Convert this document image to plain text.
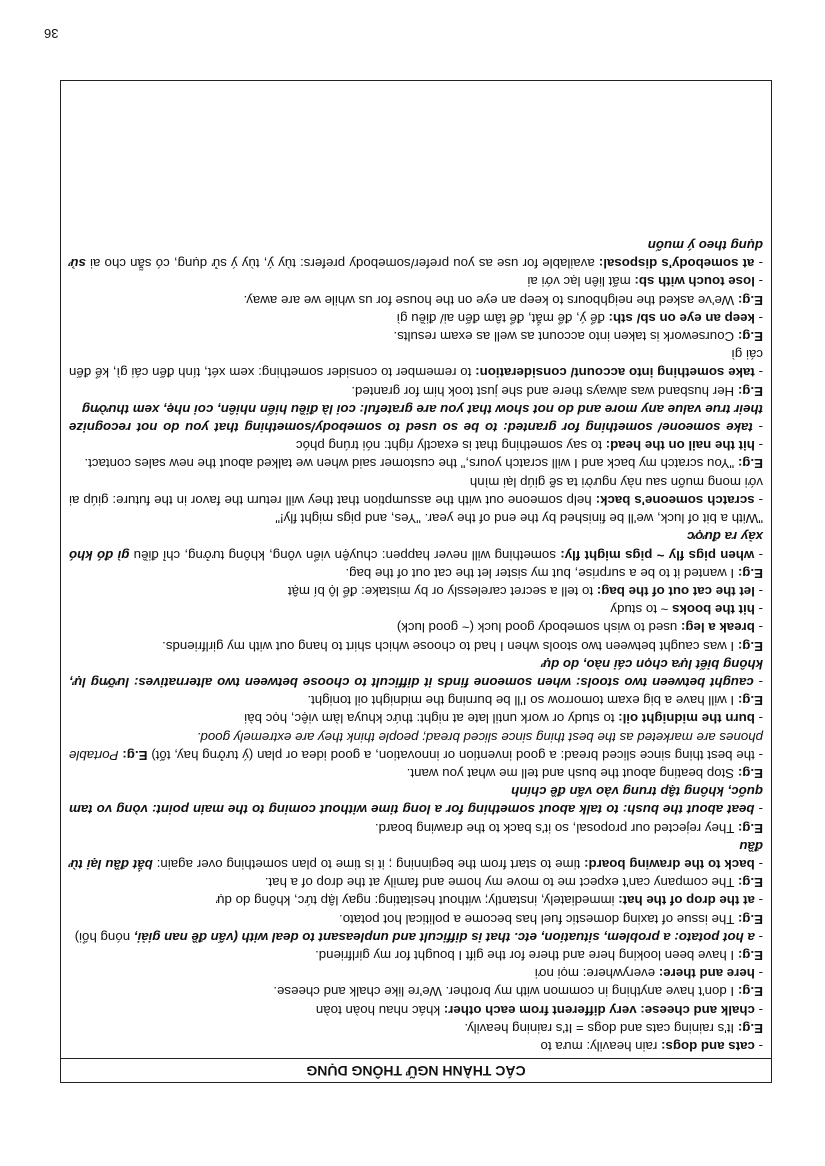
36
CÁC THÀNH NGỮ THÔNG DỤNG

- cats and dogs: rain heavily: mưa to

E.g: It's raining cats and dogs = It's raining heavily.

- chalk and cheese: very different from each other: khác nhau hoàn toàn

E.g: I don't have anything in common with my brother. We're like chalk and cheese.

- here and there: everywhere: mọi nơi

E.g: I have been looking here and there for the gift I bought for my girlfriend.

- a hot potato: a problem, situation, etc. that is difficult and unpleasant to deal with (vấn đề nan giải, nóng hổi)

E.g: The issue of taxing domestic fuel has become a political hot potato.

- at the drop of the hat: immediately, instantly; without hesitating: ngay lập tức, không do dự

E.g: The company can't expect me to move my home and family at the drop of a hat.

- back to the drawing board: time to start from the beginning ; it is time to plan something over again: bắt đầu lại từ đầu

E.g: They rejected our proposal, so it's back to the drawing board.

- beat about the bush: to talk about something for a long time without coming to the main point: vòng vo tam quốc, không tập trung vào vấn đề chính

E.g: Stop beating about the bush and tell me what you want.

- the best thing since sliced bread: a good invention or innovation, a good idea or plan (ý tưởng hay, tốt) E.g: Portable phones are marketed as the best thing since sliced bread; people think they are extremely good.

- burn the midnight oil: to study or work until late at night: thức khuya làm việc, học bài

E.g: I will have a big exam tomorrow so I'll be burning the midnight oil tonight.

- caught between two stools: when someone finds it difficult to choose between two alternatives: lưỡng lự, không biết lựa chọn cái nào, do dự

E.g: I was caught between two stools when I had to choose which shirt to hang out with my girlfriends.

- break a leg: used to wish somebody good luck (~ good luck)

- hit the books ~ to study

- let the cat out of the bag: to tell a secret carelessly or by mistake: để lộ bí mật

E.g: I wanted it to be a surprise, but my sister let the cat out of the bag.

- when pigs fly ~ pigs might fly: something will never happen: chuyện viển vông, không tưởng, chỉ điều gì đó khó xảy ra được

"With a bit of luck, we'll be finished by the end of the year. "Yes, and pigs might fly!"

- scratch someone's back: help someone out with the assumption that they will return the favor in the future: giúp ai với mong muốn sau này người ta sẽ giúp lại mình

E.g: "You scratch my back and I will scratch yours," the customer said when we talked about the new sales contact.

- hit the nail on the head: to say something that is exactly right: nói trúng phóc

- take someone/ something for granted: to be so used to somebody/something that you do not recognize their true value any more and do not show that you are grateful: coi là điều hiển nhiên, coi nhẹ, xem thường

E.g: Her husband was always there and she just took him for granted.

- take something into account/ consideration: to remember to consider something: xem xét, tính đến cái gì, kể đến cái gì

E.g: Coursework is taken into account as well as exam results.

- keep an eye on sb/ sth: để ý, để mắt, để tâm đến ai/ điều gì

E.g: We've asked the neighbours to keep an eye on the house for us while we are away.

- lose touch with sb: mất liên lạc với ai

- at somebody's disposal: available for use as you prefer/somebody prefers: tùy ý, tùy ý sử dụng, có sẵn cho ai sử dụng theo ý muốn
